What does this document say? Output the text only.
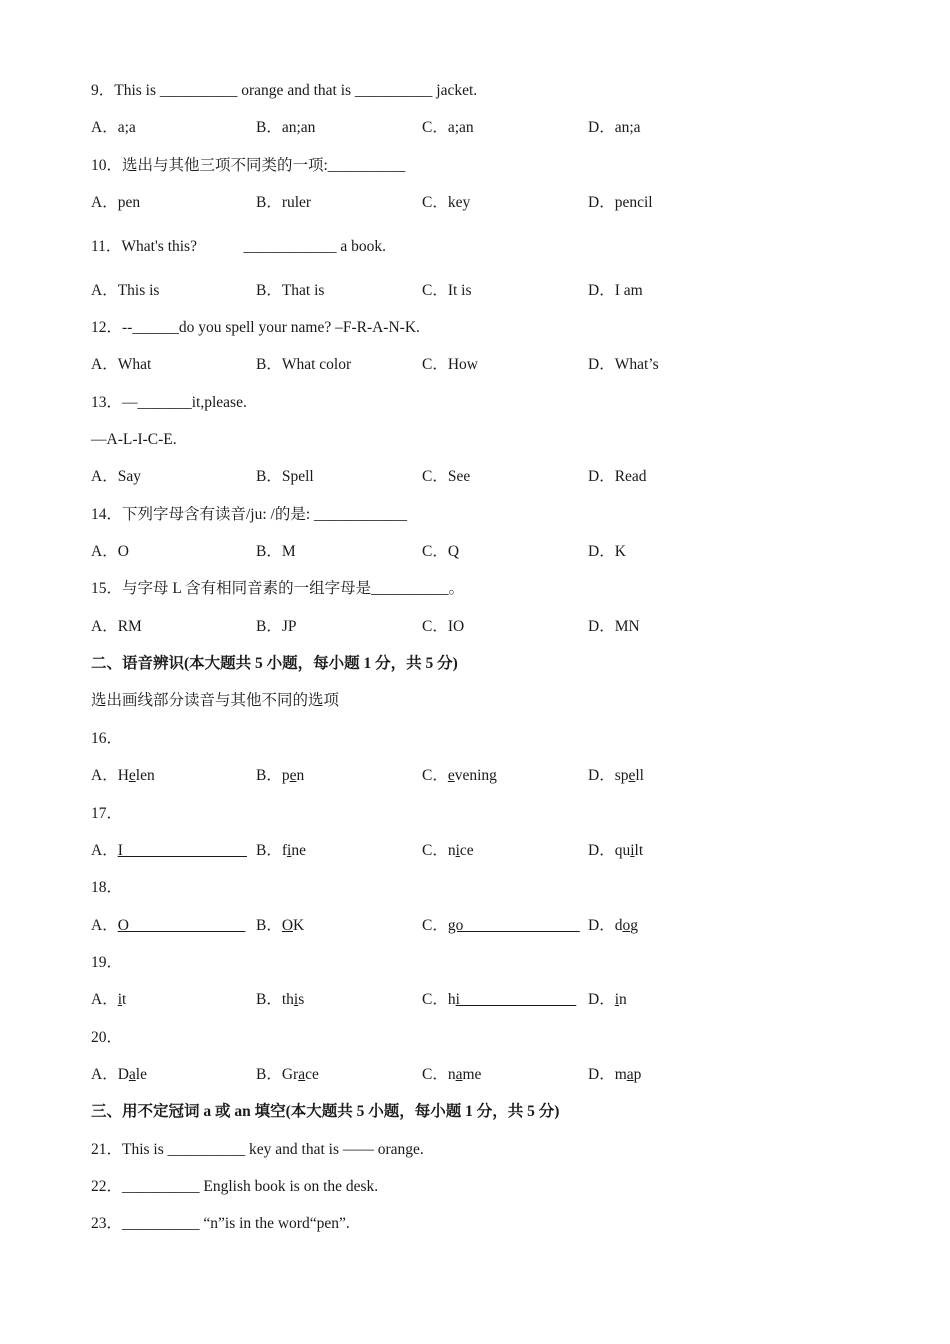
9．This is __________ orange and that is __________ jacket.
10．选出与其他三项不同类的一项:__________
11．What's this?            ____________ a book.
12．--______do you spell your name? –F-R-A-N-K.
13．—_______it,please.
—A-L-I-C-E.
14．下列字母含有读音/ju: /的是: ____________
15．与字母 L 含有相同音素的一组字母是__________。
二、语音辨识(本大题共 5 小题，每小题 1 分，共 5 分)
选出画线部分读音与其他不同的选项
16．
17．
18．
19．
20．
三、用不定冠词 a 或 an 填空(本大题共 5 小题，每小题 1 分，共 5 分)
21．This is __________ key and that is —— orange.
22．__________ English book is on the desk.
23．__________ “n”is in the word“pen”.
A．a;a	B．an;an	C．a;an	D．an;a
A．pen	B．ruler	C．key	D．pencil
A．This is	B．That is	C．It is	D．I am
A．What	B．What color	C．How	D．What’s
A．Say	B．Spell	C．See	D．Read
A．O	B．M	C．Q	D．K
A．RM	B．JP	C．IO	D．MN
A．Helen	B．pen	C．evening	D．spell
A．I________________ B．fine	C．nice	D．quilt
A．O_______________ B．OK	C．go_______________ D．dog
A．it	B．this	C．hi_______________ D．in
A．Dale	B．Grace	C．name	D．map
